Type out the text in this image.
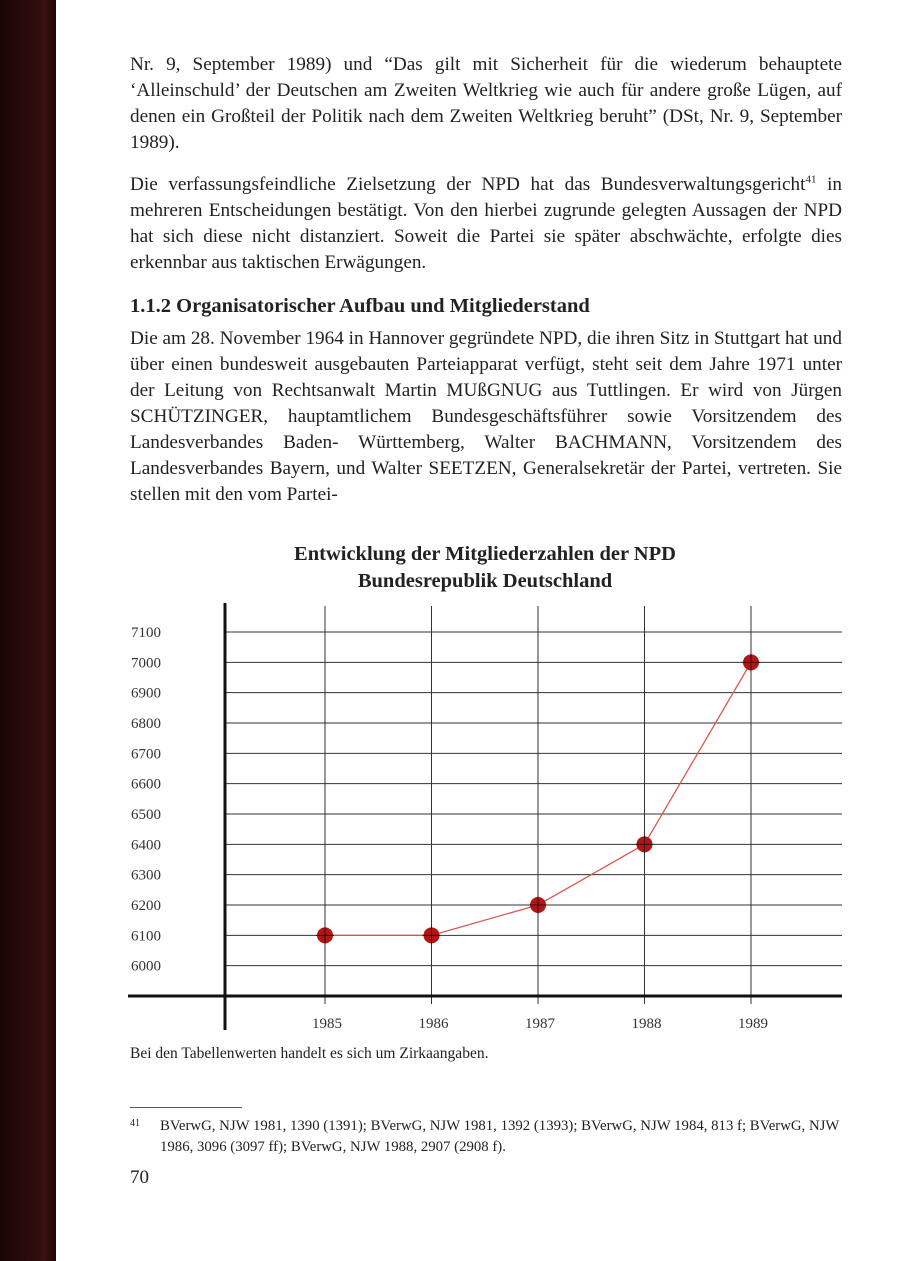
Nr. 9, September 1989) und “Das gilt mit Sicherheit für die wiederum behauptete ‘Alleinschuld’ der Deutschen am Zweiten Weltkrieg wie auch für andere große Lügen, auf denen ein Großteil der Politik nach dem Zweiten Weltkrieg beruht” (DSt, Nr. 9, September 1989).

Die verfassungsfeindliche Zielsetzung der NPD hat das Bundesverwaltungsgericht$^{41}$ in mehreren Entscheidungen bestätigt. Von den hierbei zugrunde gelegten Aussagen der NPD hat sich diese nicht distanziert. Soweit die Partei sie später abschwächte, erfolgte dies erkennbar aus taktischen Erwägungen.

1.1.2 Organisatorischer Aufbau und Mitgliederstand

Die am 28. November 1964 in Hannover gegründete NPD, die ihren Sitz in Stuttgart hat und über einen bundesweit ausgebauten Parteiapparat verfügt, steht seit dem Jahre 1971 unter der Leitung von Rechtsanwalt Martin MUßGNUG aus Tuttlingen. Er wird von Jürgen SCHÜTZINGER, hauptamtlichem Bundesgeschäftsführer sowie Vorsitzendem des Landesverbandes Baden- Württemberg, Walter BACHMANN, Vorsitzendem des Landesverbandes Bayern, und Walter SEETZEN, Generalsekretär der Partei, vertreten. Sie stellen mit den vom Partei-

Entwicklung der Mitgliederzahlen der NPD
Bundesrepublik Deutschland
7100
7000
6900
6800
6700
6600
6500
6400
6300
6200
6100
6000
1985	1986	1987	1988	1989
Bei den Tabellenwerten handelt es sich um Zirkaangaben.
41 BVerwG, NJW 1981, 1390 (1391); BVerwG, NJW 1981, 1392 (1393); BVerwG, NJW 1984, 813 f; BVerwG, NJW 1986, 3096 (3097 ff); BVerwG, NJW 1988, 2907 (2908 f).
70
